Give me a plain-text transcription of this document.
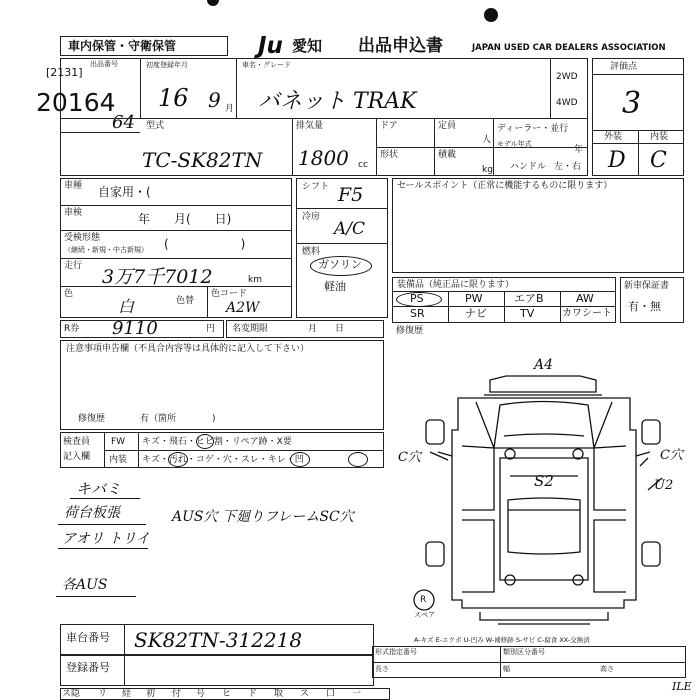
車内保管・守衛保管	Ju 愛知 出品申込書	JAPAN USED CAR DEALERS ASSOCIATION
出品番号
[2131]
20164
64
初度登録年月
16 9 月
車名・グレード
バネット TRAK
2WD
4WD
評価点
3
外装	内装
D C
型式
TC-SK82TN
排気量
1800 cc
ドア	定員
人
形状	積載
kg
ディーラー・並行
モデル年式
年
ハンドル 左・右
車種 自家用・(
車検	年　　月(　　日)
受検形態
（継続・新規・中古新規） (　　　　　　)
走行 3万7千7012	km
色
白	色替
色コード
A2W
シフト F5
冷房
A/C
燃料
ガソリン
軽油
セールスポイント（正常に機能するものに限ります）
装備品（純正品に限ります）
PS	PW	エアB	AW
SR	ナビ	TV	カワシート
新車保証書
有・無
R券 9110	円 名変期限	月　　日	修復歴
注意事項申告欄（不具合内容等は具体的に記入して下さい）
修復歴	有（箇所	)
検査員
記入欄
FW キズ・飛石・ヒビ割・リペア跡・X要
内装 キズ・汚れ・コゲ・穴・スレ・キレ・凹
キバミ
荷台板張	AUS穴 下廻りフレームSC穴
アオリ トリイ
各AUS
A4
S2
C穴	C穴
U2
R
スペア
ILE
A-キズ E-エクボ U-凹み W-補修跡 S-サビ C-腐食 XX-交換済
車台番号 SK82TN-312218
登録番号
形式指定番号	類別区分番号
長さ	幅	高さ
ス隠 リ 経 初 付 号 ヒ ド 取 ス 口 一
